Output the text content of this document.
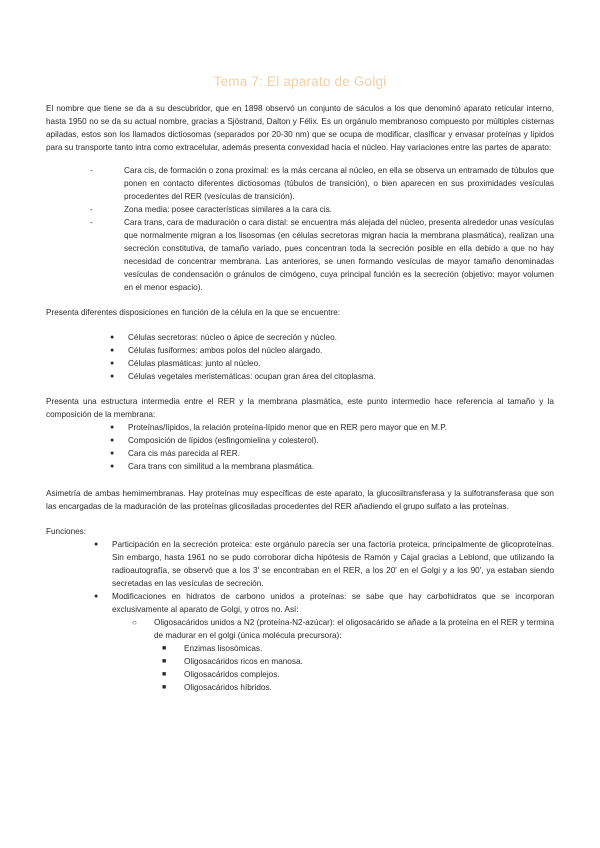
Tema 7: El aparato de Golgi

El nombre que tiene se da a su descubridor, que en 1898 observó un conjunto de sáculos a los que denominó aparato reticular interno, hasta 1950 no se da su actual nombre, gracias a Sjöstrand, Dalton y Félix. Es un orgánulo membranoso compuesto por múltiples cisternas apiladas, estos son los llamados dictiosomas (separados por 20-30 nm) que se ocupa de modificar, clasificar y envasar proteínas y lípidos para su transporte tanto intra como extracelular, además presenta convexidad hacia el núcleo. Hay variaciones entre las partes de aparato:

-	Cara cis, de formación o zona proximal: es la más cercana al núcleo, en ella se observa un entramado de túbulos que ponen en contacto diferentes dictiosomas (túbulos de transición), o bien aparecen en sus proximidades vesículas procedentes del RER (vesículas de transición).
-	Zona media: posee características similares a la cara cis.
-	Cara trans, cara de maduración o cara distal: se encuentra más alejada del núcleo, presenta alrededor unas vesículas que normalmente migran a los lisosomas (en células secretoras migran hacia la membrana plasmática), realizan una secreción constitutiva, de tamaño variado, pues concentran toda la secreción posible en ella debido a que no hay necesidad de concentrar membrana. Las anteriores, se unen formando vesículas de mayor tamaño denominadas vesículas de condensación o gránulos de cimógeno, cuya principal función es la secreción (objetivo: mayor volumen en el menor espacio).

Presenta diferentes disposiciones en función de la célula en la que se encuentre:

● Células secretoras: núcleo o ápice de secreción y núcleo.
● Células fusiformes: ambos polos del núcleo alargado.
● Células plasmáticas: junto al núcleo.
● Células vegetales meristemáticas: ocupan gran área del citoplasma.

Presenta una estructura intermedia entre el RER y la membrana plasmática, este punto intermedio hace referencia al tamaño y la composición de la membrana:

● Proteínas/lípidos, la relación proteína-lípido menor que en RER pero mayor que en M.P.
● Composición de lípidos (esfingomielina y colesterol).
● Cara cis más parecida al RER.
● Cara trans con similitud a la membrana plasmática.

Asimetría de ambas hemimembranas. Hay proteínas muy específicas de este aparato, la glucosiltransferasa y la sulfotransferasa que son las encargadas de la maduración de las proteínas glicosiladas procedentes del RER añadiendo el grupo sulfato a las proteínas.

Funciones:

● Participación en la secreción proteica: este orgánulo parecía ser una factoría proteica, principalmente de glicoproteínas. Sin embargo, hasta 1961 no se pudo corroborar dicha hipótesis de Ramón y Cajal gracias a Leblond, que utilizando la radioautografía, se observó que a los 3' se encontraban en el RER, a los 20' en el Golgi y a los 90', ya estaban siendo secretadas en las vesículas de secreción.
● Modificaciones en hidratos de carbono unidos a proteínas: se sabe que hay carbohidratos que se incorporan exclusivamente al aparato de Golgi, y otros no. Así:
○ Oligosacáridos unidos a N2 (proteína-N2-azúcar): el oligosacárido se añade a la proteína en el RER y termina de madurar en el golgi (única molécula precursora):
■ Enzimas lisosómicas.
■ Oligosacáridos ricos en manosa.
■ Oligosacáridos complejos.
■ Oligosacáridos híbridos.
